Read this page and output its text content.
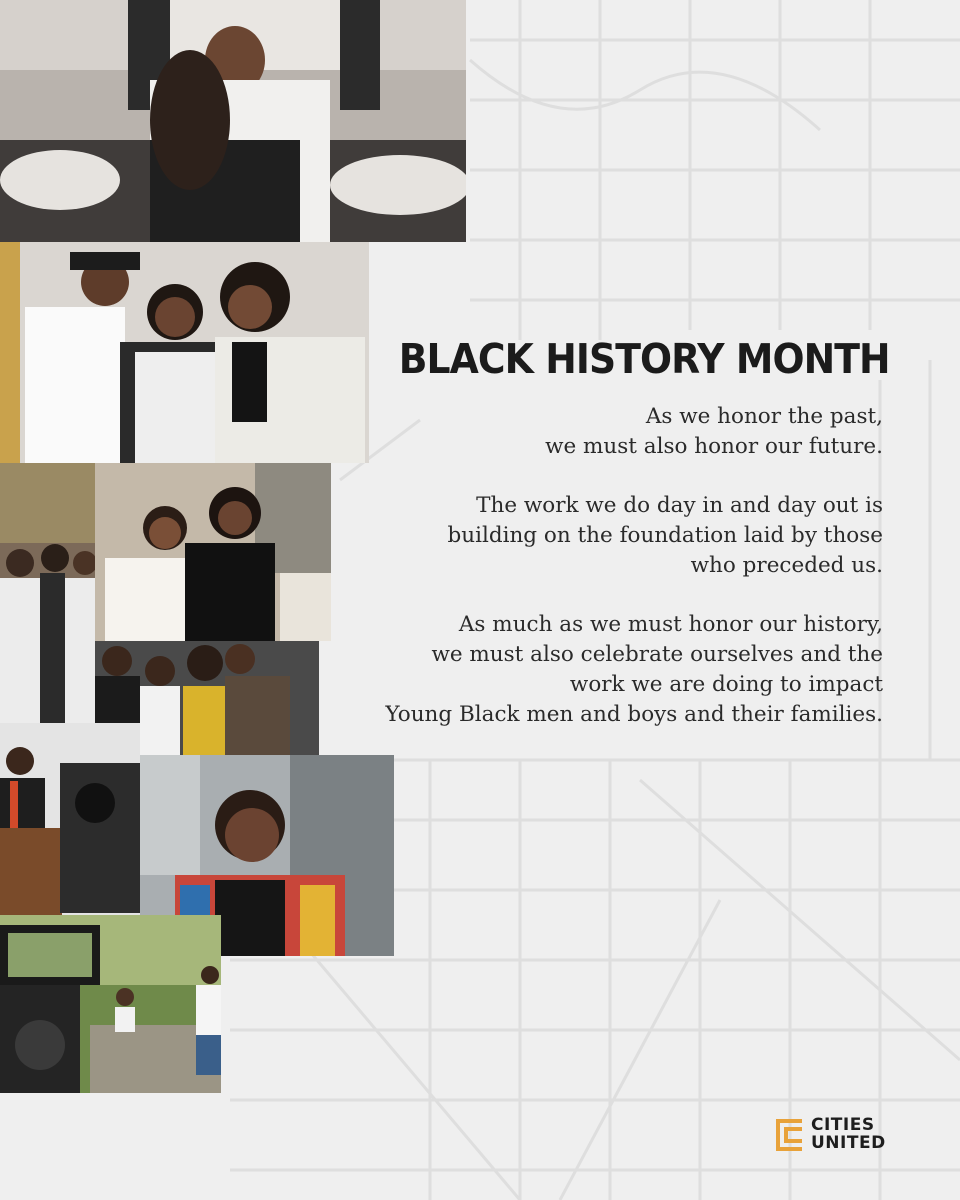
BLACK HISTORY MONTH

As we honor the past,
we must also honor our future.

The work we do day in and day out is
building on the foundation laid by those
who preceded us.

As much as we must honor our history,
we must also celebrate ourselves and the
work we are doing to impact
Young Black men and boys and their families.

CITIES
UNITED
